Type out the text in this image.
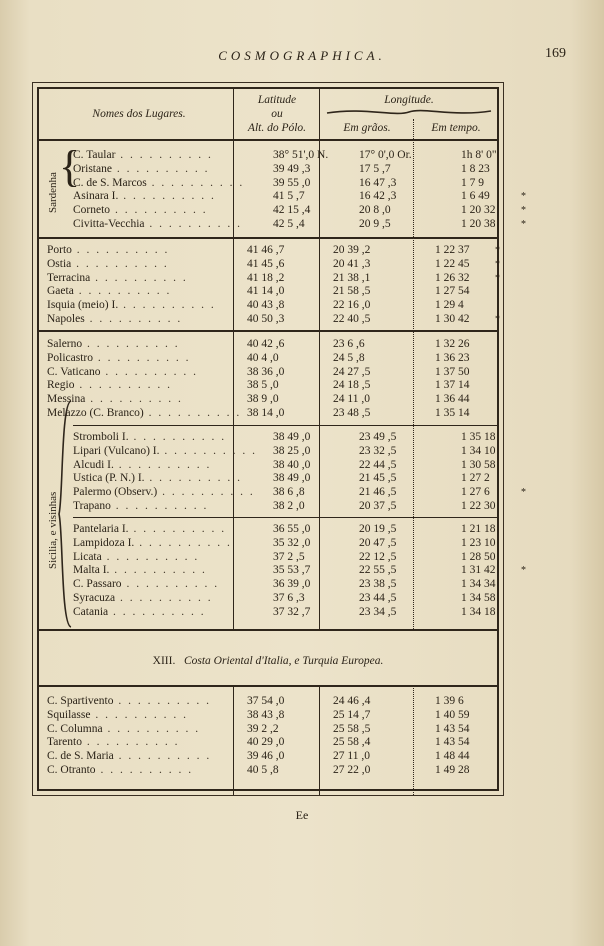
COSMOGRAPHICA.	169
Nomes dos Lugares.
Latitude
ou
Alt. do Pólo.
Longitude.
Em grãos.	Em tempo.
Sardenha
{
C. Taular . . . . . . . . . .	38° 51',0 N.	17° 0',0 Or.	1h 8' 0"
Oristane . . . . . . . . . .	39 49 ,3	17 5 ,7	1 8 23
C. de S. Marcos . . . . . . . . . . 39 55 ,0	16 47 ,3	1 7 9
Asinara I. . . . . . . . . . .	41 5 ,7	16 42 ,3	1 6 49	*
Corneto . . . . . . . . . .	42 15 ,4	20 8 ,0	1 20 32	*
Civitta-Vecchia . . . . . . . . . .	42 5 ,4	20 9 ,5	1 20 38	*
Porto . . . . . . . . . .	41 46 ,7	20 39 ,2	1 22 37	*
Ostia . . . . . . . . . .	41 45 ,6	20 41 ,3	1 22 45	*
Terracina . . . . . . . . . .	41 18 ,2	21 38 ,1	1 26 32	*
Gaeta . . . . . . . . . .	41 14 ,0	21 58 ,5	1 27 54
Isquia (meio) I. . . . . . . . . . .	40 43 ,8	22 16 ,0	1 29 4
Napoles . . . . . . . . . .	40 50 ,3	22 40 ,5	1 30 42	*
Salerno . . . . . . . . . .	40 42 ,6	23 6 ,6	1 32 26
Policastro . . . . . . . . . .	40 4 ,0	24 5 ,8	1 36 23
C. Vaticano . . . . . . . . . .	38 36 ,0	24 27 ,5	1 37 50
Regio . . . . . . . . . .	38 5 ,0	24 18 ,5	1 37 14
Messina . . . . . . . . . .	38 9 ,0	24 11 ,0	1 36 44
Melazzo (C. Branco) . . . . . . . . . . 38 14 ,0	23 48 ,5	1 35 14
Sicilia, e visinhas
Stromboli I. . . . . . . . . . .	38 49 ,0	23 49 ,5	1 35 18
Lipari (Vulcano) I. . . . . . . . . . . 38 25 ,0	23 32 ,5	1 34 10
Alcudi I. . . . . . . . . . .	38 40 ,0	22 44 ,5	1 30 58
Ustica (P. N.) I. . . . . . . . . . .	38 49 ,0	21 45 ,5	1 27 2
Palermo (Observ.) . . . . . . . . . . 38 6 ,8	21 46 ,5	1 27 6	*
Trapano . . . . . . . . . .	38 2 ,0	20 37 ,5	1 22 30
Pantelaria I. . . . . . . . . . .	36 55 ,0	20 19 ,5	1 21 18
Lampidoza I. . . . . . . . . . .	35 32 ,0	20 47 ,5	1 23 10
Licata . . . . . . . . . .	37 2 ,5	22 12 ,5	1 28 50
Malta I. . . . . . . . . . .	35 53 ,7	22 55 ,5	1 31 42	*
C. Passaro . . . . . . . . . .	36 39 ,0	23 38 ,5	1 34 34
Syracuza . . . . . . . . . .	37 6 ,3	23 44 ,5	1 34 58
Catania . . . . . . . . . .	37 32 ,7	23 34 ,5	1 34 18
XIII. Costa Oriental d'Italia, e Turquia Europea.
C. Spartivento . . . . . . . . . .	37 54 ,0	24 46 ,4	1 39 6
Squilasse . . . . . . . . . .	38 43 ,8	25 14 ,7	1 40 59
C. Columna . . . . . . . . . .	39 2 ,2	25 58 ,5	1 43 54
Tarento . . . . . . . . . .	40 29 ,0	25 58 ,4	1 43 54
C. de S. Maria . . . . . . . . . .	39 46 ,0	27 11 ,0	1 48 44
C. Otranto . . . . . . . . . .	40 5 ,8	27 22 ,0	1 49 28
Ee
